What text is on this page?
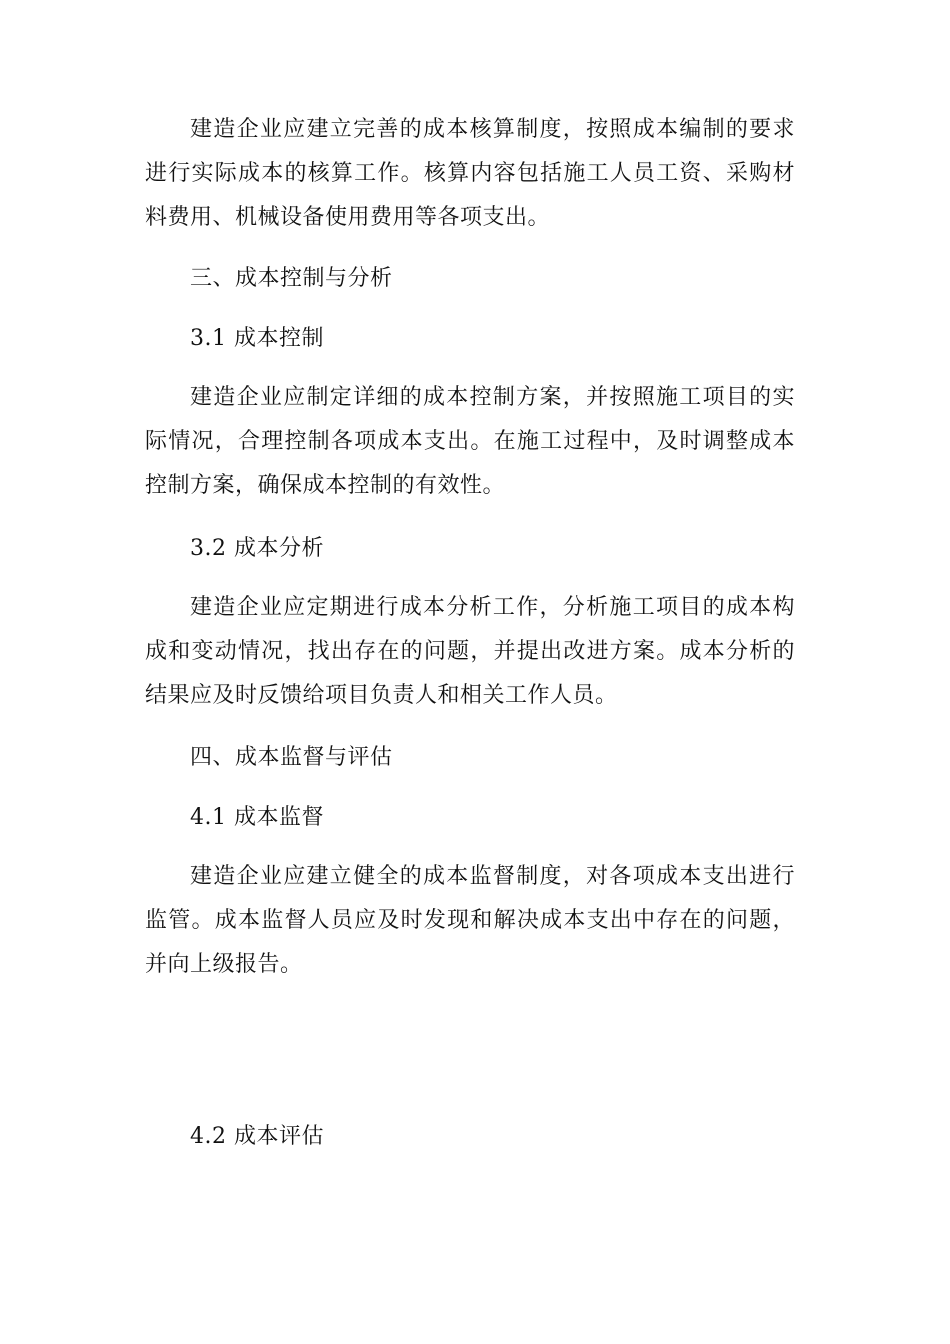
建造企业应建立完善的成本核算制度，按照成本编制的要求进行实际成本的核算工作。核算内容包括施工人员工资、采购材料费用、机械设备使用费用等各项支出。

三、成本控制与分析

3.1 成本控制

建造企业应制定详细的成本控制方案，并按照施工项目的实际情况，合理控制各项成本支出。在施工过程中，及时调整成本控制方案，确保成本控制的有效性。

3.2 成本分析

建造企业应定期进行成本分析工作，分析施工项目的成本构成和变动情况，找出存在的问题，并提出改进方案。成本分析的结果应及时反馈给项目负责人和相关工作人员。

四、成本监督与评估

4.1 成本监督

建造企业应建立健全的成本监督制度，对各项成本支出进行监管。成本监督人员应及时发现和解决成本支出中存在的问题，并向上级报告。

4.2 成本评估
